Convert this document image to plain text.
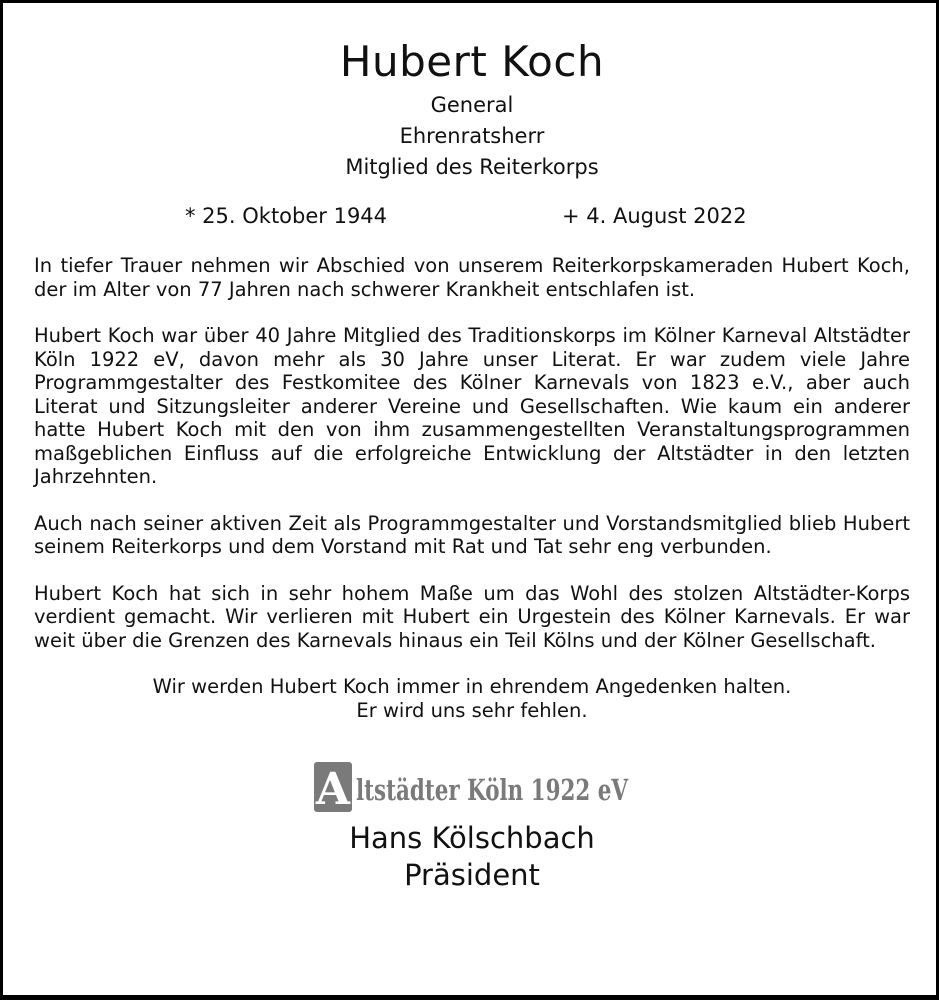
Hubert Koch
General
Ehrenratsherr
Mitglied des Reiterkorps
* 25. Oktober 1944	+ 4. August 2022

In tiefer Trauer nehmen wir Abschied von unserem Reiterkorpskameraden Hubert Koch, der im Alter von 77 Jahren nach schwerer Krankheit entschlafen ist.

Hubert Koch war über 40 Jahre Mitglied des Traditionskorps im Kölner Karneval Altstädter Köln 1922 eV, davon mehr als 30 Jahre unser Literat. Er war zudem viele Jahre Programmgestalter des Festkomitee des Kölner Karnevals von 1823 e.V., aber auch Literat und Sitzungsleiter anderer Vereine und Gesellschaften. Wie kaum ein anderer hatte Hubert Koch mit den von ihm zusammengestellten Veranstaltungsprogrammen maßgeblichen Einfluss auf die erfolgreiche Entwicklung der Altstädter in den letzten Jahrzehnten.

Auch nach seiner aktiven Zeit als Programmgestalter und Vorstandsmitglied blieb Hubert seinem Reiterkorps und dem Vorstand mit Rat und Tat sehr eng verbunden.

Hubert Koch hat sich in sehr hohem Maße um das Wohl des stolzen Altstädter-Korps verdient gemacht. Wir verlieren mit Hubert ein Urgestein des Kölner Karnevals. Er war weit über die Grenzen des Karnevals hinaus ein Teil Kölns und der Kölner Gesellschaft.

Wir werden Hubert Koch immer in ehrendem Angedenken halten.
Er wird uns sehr fehlen.
A ltstädter Köln 1922 eV
Hans Kölschbach
Präsident
